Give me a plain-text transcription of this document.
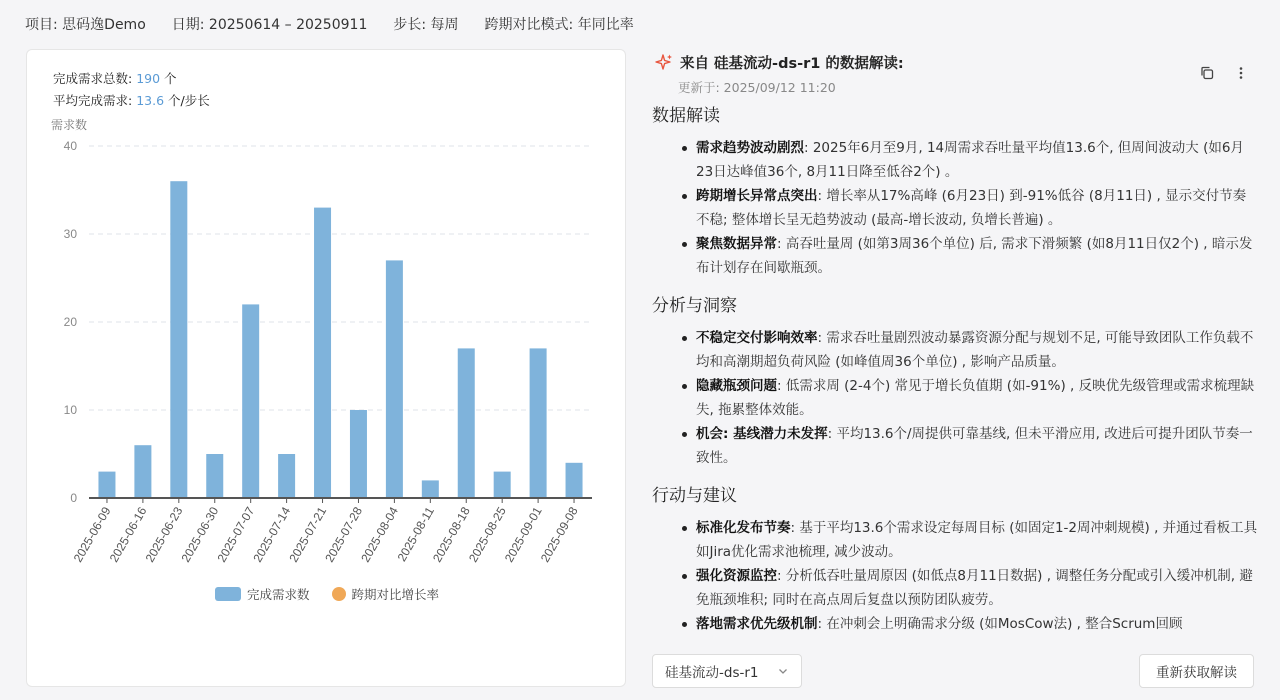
项目: 思码逸Demo 日期: 20250614 – 20250911 步长: 每周 跨期对比模式: 年同比率
完成需求总数: 190 个
平均完成需求: 13.6 个/步长
需求数
0
10
20
30
40
2025-06-09
2025-06-16
2025-06-23
2025-06-30
2025-07-07
2025-07-14
2025-07-21
2025-07-28
2025-08-04
2025-08-11
2025-08-18
2025-08-25
2025-09-01
2025-09-08
完成需求数	跨期对比增长率
来自 硅基流动-ds-r1 的数据解读:
更新于: 2025/09/12 11:20
数据解读
需求趋势波动剧烈: 2025年6月至9月, 14周需求吞吐量平均值13.6个, 但周间波动大 (如6月23日达峰值36个, 8月11日降至低谷2个) 。
跨期增长异常点突出: 增长率从17%高峰 (6月23日) 到-91%低谷 (8月11日) , 显示交付节奏不稳; 整体增长呈无趋势波动 (最高-增长波动, 负增长普遍) 。
聚焦数据异常: 高吞吐量周 (如第3周36个单位) 后, 需求下滑频繁 (如8月11日仅2个) , 暗示发布计划存在间歇瓶颈。
分析与洞察
不稳定交付影响效率: 需求吞吐量剧烈波动暴露资源分配与规划不足, 可能导致团队工作负载不均和高潮期超负荷风险 (如峰值周36个单位) , 影响产品质量。
隐藏瓶颈问题: 低需求周 (2-4个) 常见于增长负值期 (如-91%) , 反映优先级管理或需求梳理缺失, 拖累整体效能。
机会: 基线潜力未发挥: 平均13.6个/周提供可靠基线, 但未平滑应用, 改进后可提升团队节奏一致性。
行动与建议
标准化发布节奏: 基于平均13.6个需求设定每周目标 (如固定1-2周冲刺规模) , 并通过看板工具如Jira优化需求池梳理, 减少波动。
强化资源监控: 分析低吞吐量周原因 (如低点8月11日数据) , 调整任务分配或引入缓冲机制, 避免瓶颈堆积; 同时在高点周后复盘以预防团队疲劳。
落地需求优先级机制: 在冲刺会上明确需求分级 (如MosCow法) , 整合Scrum回顾
硅基流动-ds-r1	重新获取解读
